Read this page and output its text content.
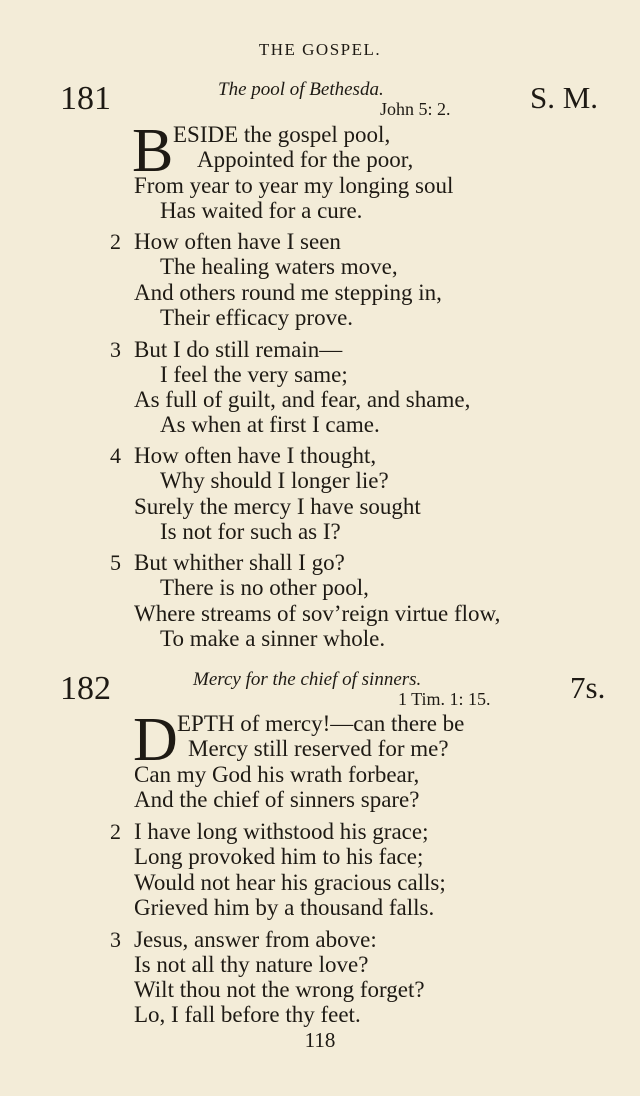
THE GOSPEL.
181	The pool of Bethesda.
John 5: 2.	S. M.
B ESIDE the gospel pool,
Appointed for the poor,
From year to year my longing soul
Has waited for a cure.
2 How often have I seen
The healing waters move,
And others round me stepping in,
Their efficacy prove.
3 But I do still remain—
I feel the very same;
As full of guilt, and fear, and shame,
As when at first I came.
4 How often have I thought,
Why should I longer lie?
Surely the mercy I have sought
Is not for such as I?
5 But whither shall I go?
There is no other pool,
Where streams of sov’reign virtue flow,
To make a sinner whole.
182	Mercy for the chief of sinners.
1 Tim. 1: 15.	7s.
D EPTH of mercy!—can there be
Mercy still reserved for me?
Can my God his wrath forbear,
And the chief of sinners spare?
2 I have long withstood his grace;
Long provoked him to his face;
Would not hear his gracious calls;
Grieved him by a thousand falls.
3 Jesus, answer from above:
Is not all thy nature love?
Wilt thou not the wrong forget?
Lo, I fall before thy feet.
118
